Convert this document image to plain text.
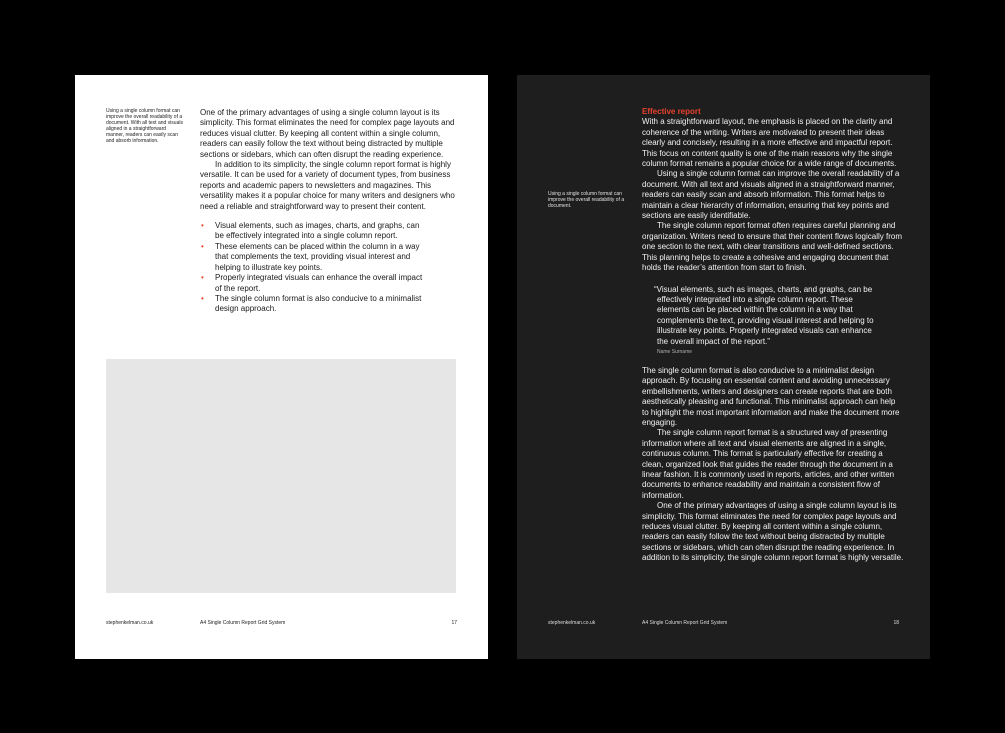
Using a single column format can improve the overall readability of a document. With all text and visuals aligned in a straightforward manner, readers can easily scan and absorb information.

One of the primary advantages of using a single column layout is its simplicity. This format eliminates the need for complex page layouts and reduces visual clutter. By keeping all content within a single column, readers can easily follow the text without being distracted by multiple sections or sidebars, which can often disrupt the reading experience.

In addition to its simplicity, the single column report format is highly versatile. It can be used for a variety of document types, from business reports and academic papers to newsletters and magazines. This versatility makes it a popular choice for many writers and designers who need a reliable and straightforward way to present their content.

• Visual elements, such as images, charts, and graphs, can be effectively integrated into a single column report.
• These elements can be placed within the column in a way that complements the text, providing visual interest and helping to illustrate key points.
• Properly integrated visuals can enhance the overall impact of the report.
• The single column format is also conducive to a minimalist design approach.
stephenkelman.co.uk	A4 Single Column Report Grid System	17
Using a single column format can improve the overall readability of a document.
Effective report

With a straightforward layout, the emphasis is placed on the clarity and coherence of the writing. Writers are motivated to present their ideas clearly and concisely, resulting in a more effective and impactful report. This focus on content quality is one of the main reasons why the single column format remains a popular choice for a wide range of documents.

Using a single column format can improve the overall readability of a document. With all text and visuals aligned in a straightforward manner, readers can easily scan and absorb information. This format helps to maintain a clear hierarchy of information, ensuring that key points and sections are easily identifiable.

The single column report format often requires careful planning and organization. Writers need to ensure that their content flows logically from one section to the next, with clear transitions and well-defined sections. This planning helps to create a cohesive and engaging document that holds the reader’s attention from start to finish.

“Visual elements, such as images, charts, and graphs, can be effectively integrated into a single column report. These elements can be placed within the column in a way that complements the text, providing visual interest and helping to illustrate key points. Properly integrated visuals can enhance the overall impact of the report.”

Name Surname

The single column format is also conducive to a minimalist design approach. By focusing on essential content and avoiding unnecessary embellishments, writers and designers can create reports that are both aesthetically pleasing and functional. This minimalist approach can help to highlight the most important information and make the document more engaging.

The single column report format is a structured way of presenting information where all text and visual elements are aligned in a single, continuous column. This format is particularly effective for creating a clean, organized look that guides the reader through the document in a linear fashion. It is commonly used in reports, articles, and other written documents to enhance readability and maintain a consistent flow of information.

One of the primary advantages of using a single column layout is its simplicity. This format eliminates the need for complex page layouts and reduces visual clutter. By keeping all content within a single column, readers can easily follow the text without being distracted by multiple sections or sidebars, which can often disrupt the reading experience. In addition to its simplicity, the single column report format is highly versatile.

stephenkelman.co.uk	A4 Single Column Report Grid System	18
